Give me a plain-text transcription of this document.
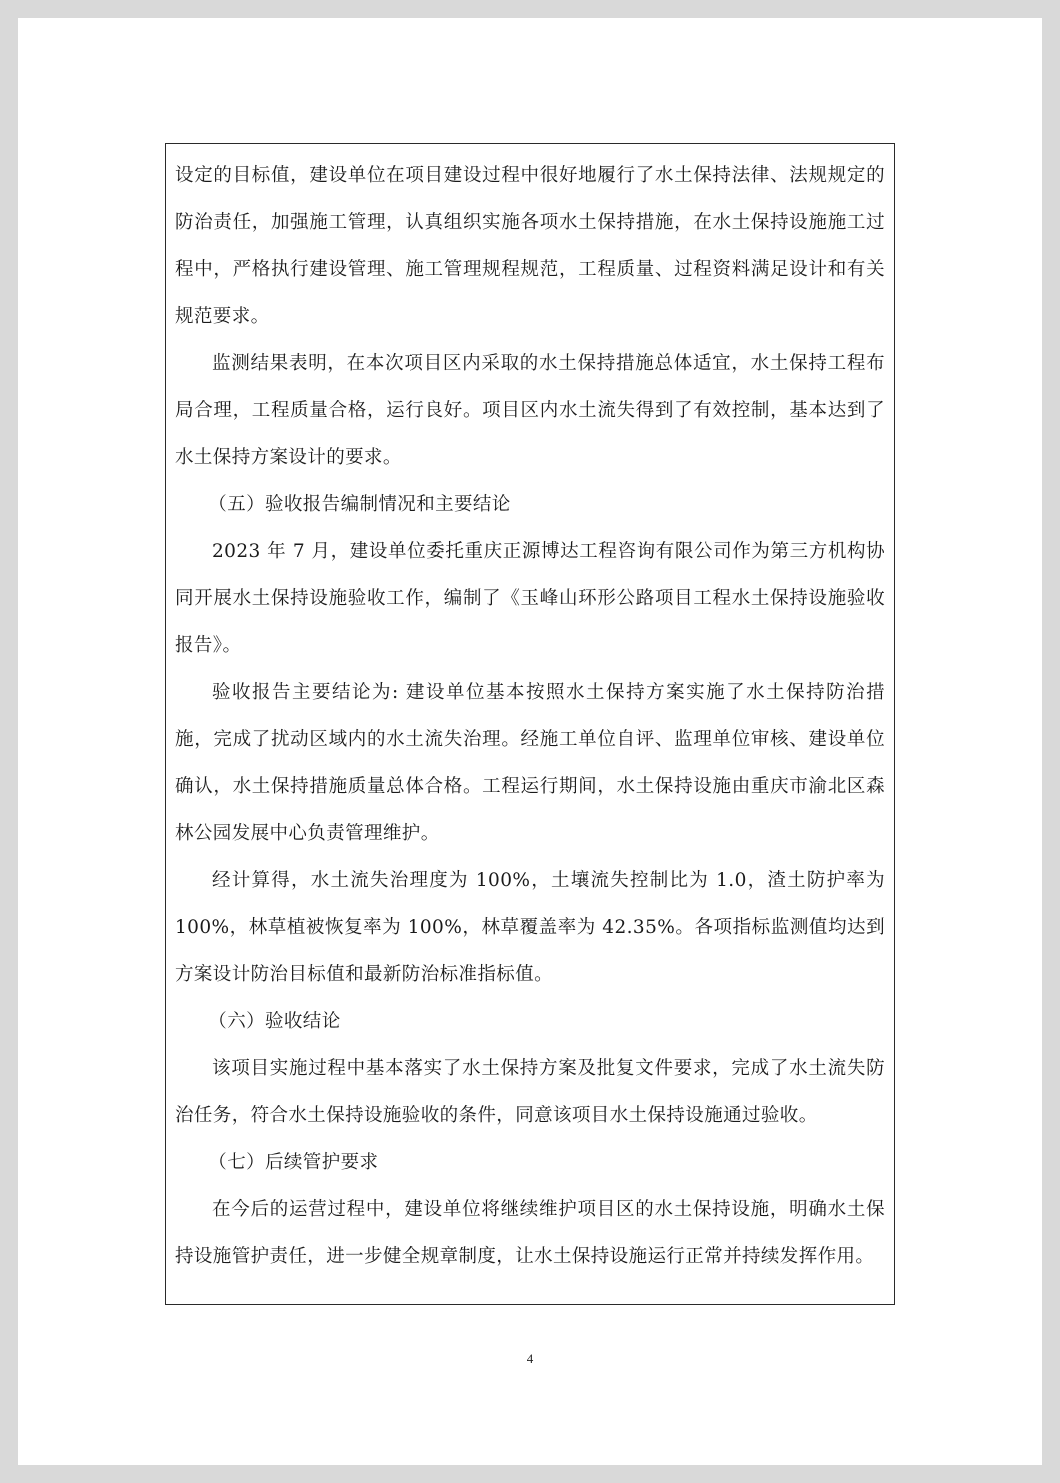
设定的目标值，建设单位在项目建设过程中很好地履行了水土保持法律、法规规定的防治责任，加强施工管理，认真组织实施各项水土保持措施，在水土保持设施施工过程中，严格执行建设管理、施工管理规程规范，工程质量、过程资料满足设计和有关规范要求。

监测结果表明，在本次项目区内采取的水土保持措施总体适宜，水土保持工程布局合理，工程质量合格，运行良好。项目区内水土流失得到了有效控制，基本达到了水土保持方案设计的要求。

（五）验收报告编制情况和主要结论

2023 年 7 月，建设单位委托重庆正源博达工程咨询有限公司作为第三方机构协同开展水土保持设施验收工作，编制了《玉峰山环形公路项目工程水土保持设施验收报告》。

验收报告主要结论为: 建设单位基本按照水土保持方案实施了水土保持防治措施，完成了扰动区域内的水土流失治理。经施工单位自评、监理单位审核、建设单位确认，水土保持措施质量总体合格。工程运行期间，水土保持设施由重庆市渝北区森林公园发展中心负责管理维护。

经计算得，水土流失治理度为 100%，土壤流失控制比为 1.0，渣土防护率为 100%，林草植被恢复率为 100%，林草覆盖率为 42.35%。各项指标监测值均达到方案设计防治目标值和最新防治标准指标值。

（六）验收结论

该项目实施过程中基本落实了水土保持方案及批复文件要求，完成了水土流失防治任务，符合水土保持设施验收的条件，同意该项目水土保持设施通过验收。

（七）后续管护要求

在今后的运营过程中，建设单位将继续维护项目区的水土保持设施，明确水土保持设施管护责任，进一步健全规章制度，让水土保持设施运行正常并持续发挥作用。

4
